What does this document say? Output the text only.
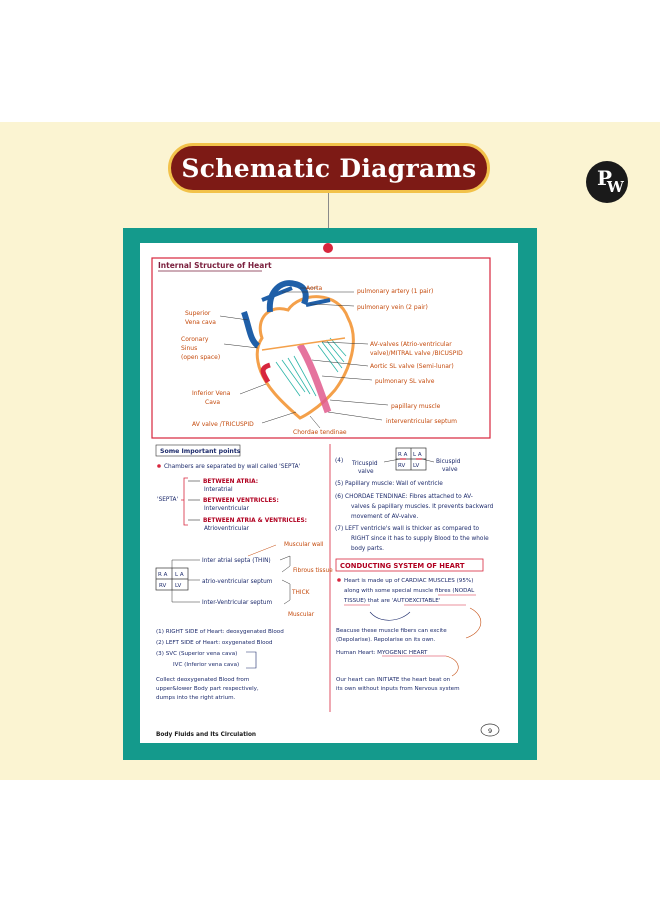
Schematic Diagrams	P
W
Internal Structure of Heart
Aorta	pulmonary artery (1 pair)
pulmonary vein (2 pair)
Superior
Vena cava
Coronary
Sinus
(open space)
AV-valves (Atrio-ventricular
valve)/MITRAL valve /BICUSPID
Aortic SL valve (Semi-lunar)
pulmonary SL valve
Inferior Vena
Cava
papillary muscle
AV valve /TRICUSPID	interventricular septum
Chordae tendinae
Some Important points
Chambers are separated by wall called 'SEPTA'
'SEPTA'
BETWEEN ATRIA:
Interatrial
BETWEEN VENTRICLES:
Interventricular
BETWEEN ATRIA & VENTRICLES:
Atrioventricular
R A L A
RV LV
Muscular wall
Inter atrial septa (THIN)
Fibrous tissue
atrio-ventricular septum
THICK
Inter-Ventricular septum
Muscular
(1) RIGHT SIDE of Heart: deoxygenated Blood
(2) LEFT SIDE of Heart: oxygenated Blood
(3) SVC (Superior vena cava)
IVC (Inferior vena cava)
Collect deoxygenated Blood from
upper&lower Body part respectively,
dumps into the right atrium.
(4) Tricuspid
valve
R A L A
RV LV
Bicuspid
valve
(5) Papillary muscle: Wall of ventricle
(6) CHORDAE TENDINAE: Fibres attached to AV-
valves & papillary muscles. It prevents backward
movement of AV-valve.
(7) LEFT ventricle's wall is thicker as compared to
RIGHT since it has to supply Blood to the whole
body parts.
CONDUCTING SYSTEM OF HEART
Heart is made up of CARDIAC MUSCLES (95%)
along with some special muscle fibres (NODAL
TISSUE) that are 'AUTOEXCITABLE'
Beacuse these muscle fibers can excite
(Depolarise). Repolarise on its own.
Human Heart: MYOGENIC HEART
Our heart can INITIATE the heart beat on
its own without inputs from Nervous system
Body Fluids and Its Circulation	9
